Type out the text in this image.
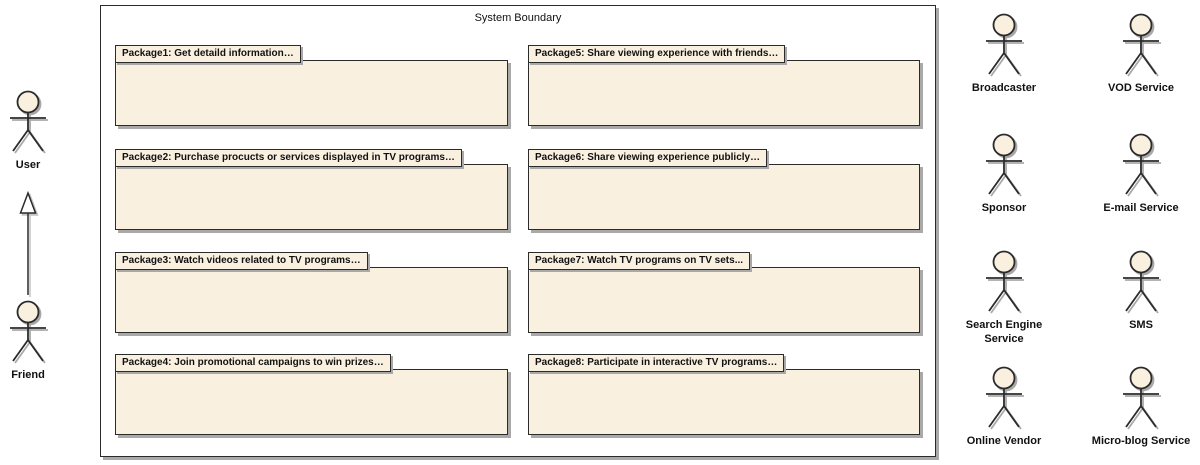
System Boundary
Package1: Get detaild information…
Package2: Purchase procucts or services displayed in TV programs…
Package3: Watch videos related to TV programs…
Package4: Join promotional campaigns to win prizes…
Package5: Share viewing experience with friends…
Package6: Share viewing experience publicly…
Package7: Watch TV programs on TV sets...
Package8: Participate in interactive TV programs…
User
Friend
Broadcaster	VOD Service
Sponsor	E-mail Service
Search Engine Service
SMS
Online Vendor	Micro-blog Service
